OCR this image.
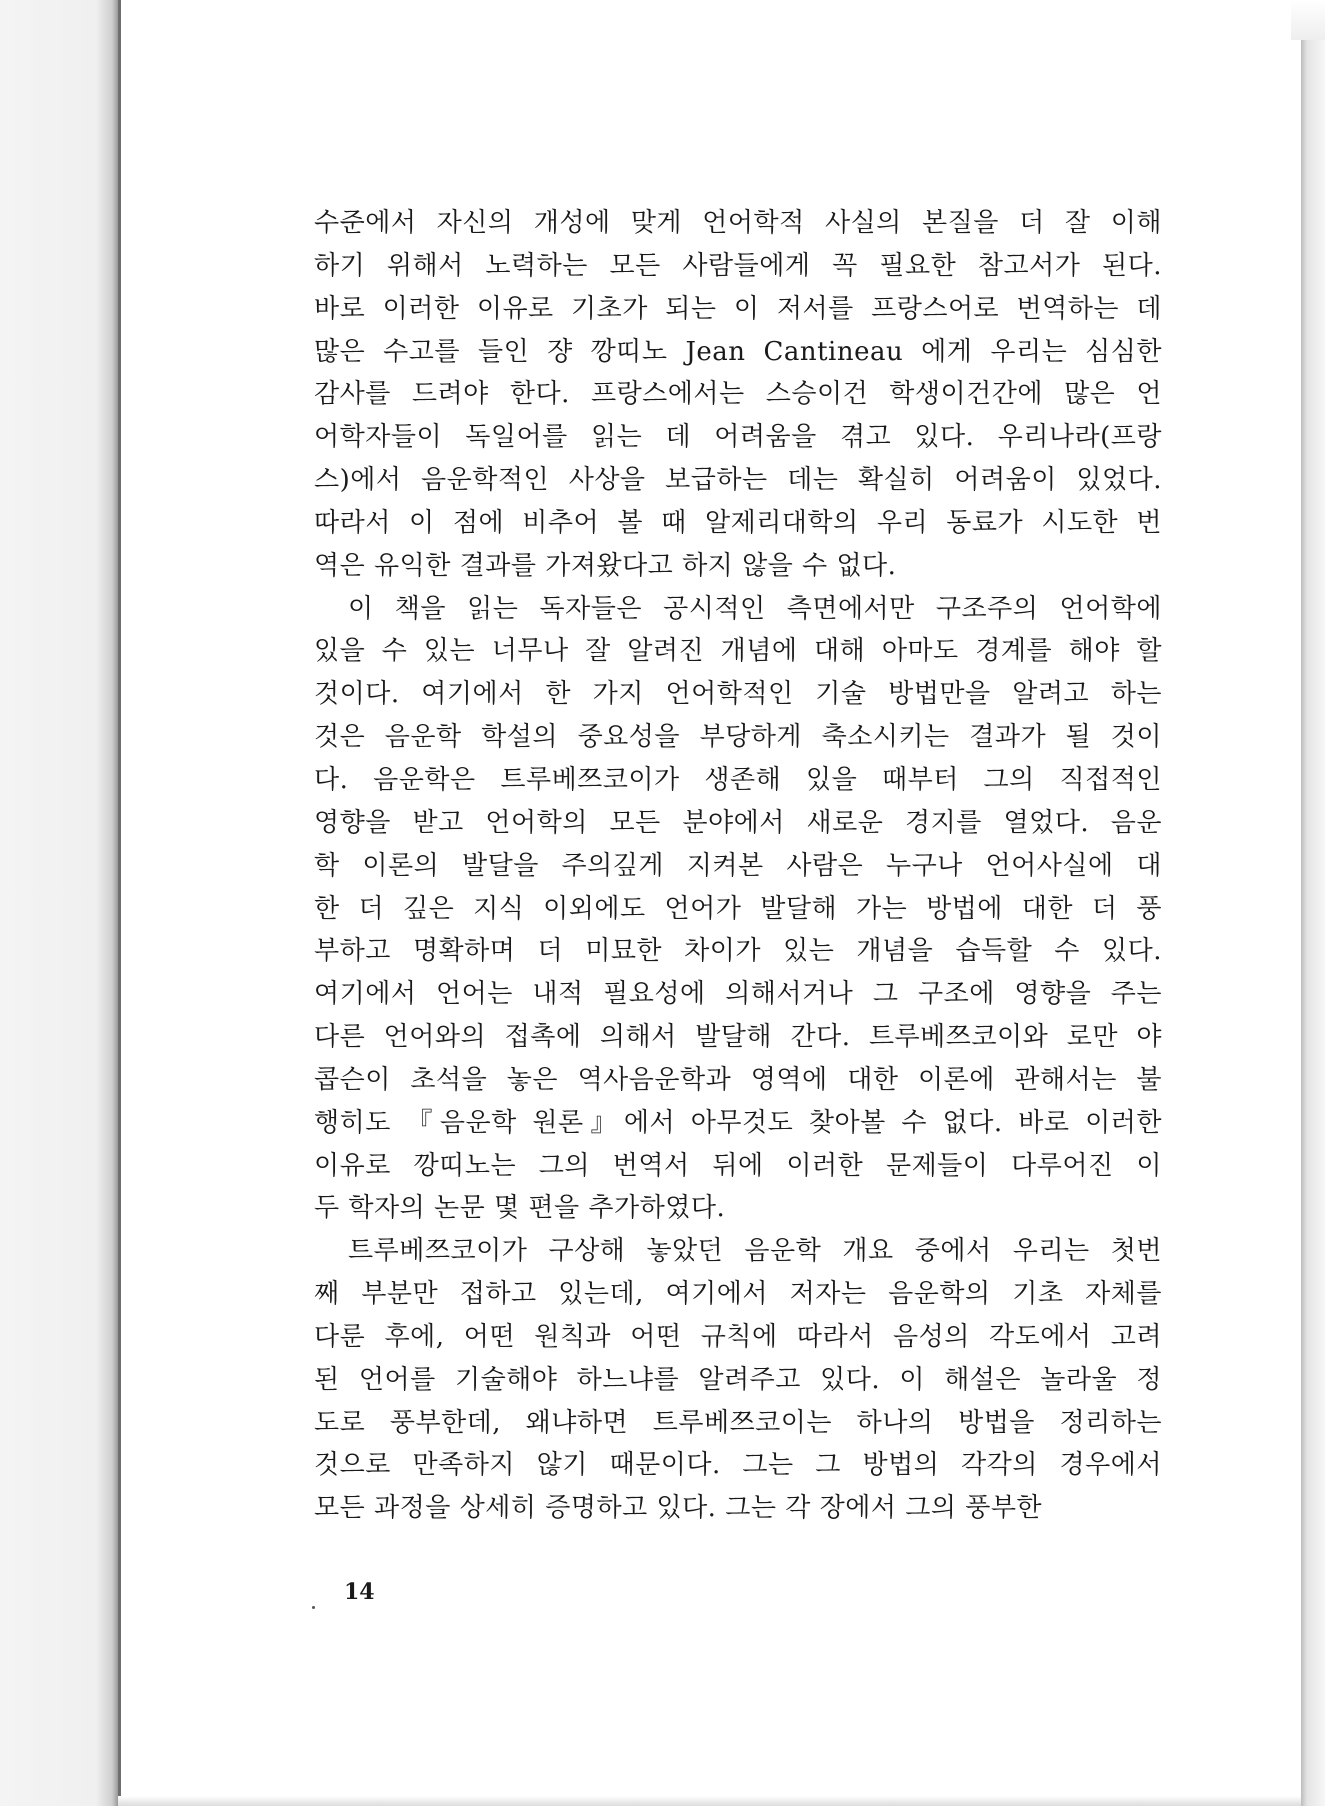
수준에서 자신의 개성에 맞게 언어학적 사실의 본질을 더 잘 이해
하기 위해서 노력하는 모든 사람들에게 꼭 필요한 참고서가 된다.
바로 이러한 이유로 기초가 되는 이 저서를 프랑스어로 번역하는 데
많은 수고를 들인 쟝 깡띠노 Jean Cantineau 에게 우리는 심심한
감사를 드려야 한다. 프랑스에서는 스승이건 학생이건간에 많은 언
어학자들이 독일어를 읽는 데 어려움을 겪고 있다. 우리나라(프랑
스)에서 음운학적인 사상을 보급하는 데는 확실히 어려움이 있었다.
따라서 이 점에 비추어 볼 때 알제리대학의 우리 동료가 시도한 번
역은 유익한 결과를 가져왔다고 하지 않을 수 없다.
이 책을 읽는 독자들은 공시적인 측면에서만 구조주의 언어학에
있을 수 있는 너무나 잘 알려진 개념에 대해 아마도 경계를 해야 할
것이다. 여기에서 한 가지 언어학적인 기술 방법만을 알려고 하는
것은 음운학 학설의 중요성을 부당하게 축소시키는 결과가 될 것이
다. 음운학은 트루베쯔코이가 생존해 있을 때부터 그의 직접적인
영향을 받고 언어학의 모든 분야에서 새로운 경지를 열었다. 음운
학 이론의 발달을 주의깊게 지켜본 사람은 누구나 언어사실에 대
한 더 깊은 지식 이외에도 언어가 발달해 가는 방법에 대한 더 풍
부하고 명확하며 더 미묘한 차이가 있는 개념을 습득할 수 있다.
여기에서 언어는 내적 필요성에 의해서거나 그 구조에 영향을 주는
다른 언어와의 접촉에 의해서 발달해 간다. 트루베쯔코이와 로만 야
콥슨이 초석을 놓은 역사음운학과 영역에 대한 이론에 관해서는 불
행히도 『음운학 원론』에서 아무것도 찾아볼 수 없다. 바로 이러한
이유로 깡띠노는 그의 번역서 뒤에 이러한 문제들이 다루어진 이
두 학자의 논문 몇 편을 추가하였다.
트루베쯔코이가 구상해 놓았던 음운학 개요 중에서 우리는 첫번
째 부분만 접하고 있는데, 여기에서 저자는 음운학의 기초 자체를
다룬 후에, 어떤 원칙과 어떤 규칙에 따라서 음성의 각도에서 고려
된 언어를 기술해야 하느냐를 알려주고 있다. 이 해설은 놀라울 정
도로 풍부한데, 왜냐하면 트루베쯔코이는 하나의 방법을 정리하는
것으로 만족하지 않기 때문이다. 그는 그 방법의 각각의 경우에서
모든 과정을 상세히 증명하고 있다. 그는 각 장에서 그의 풍부한
14
